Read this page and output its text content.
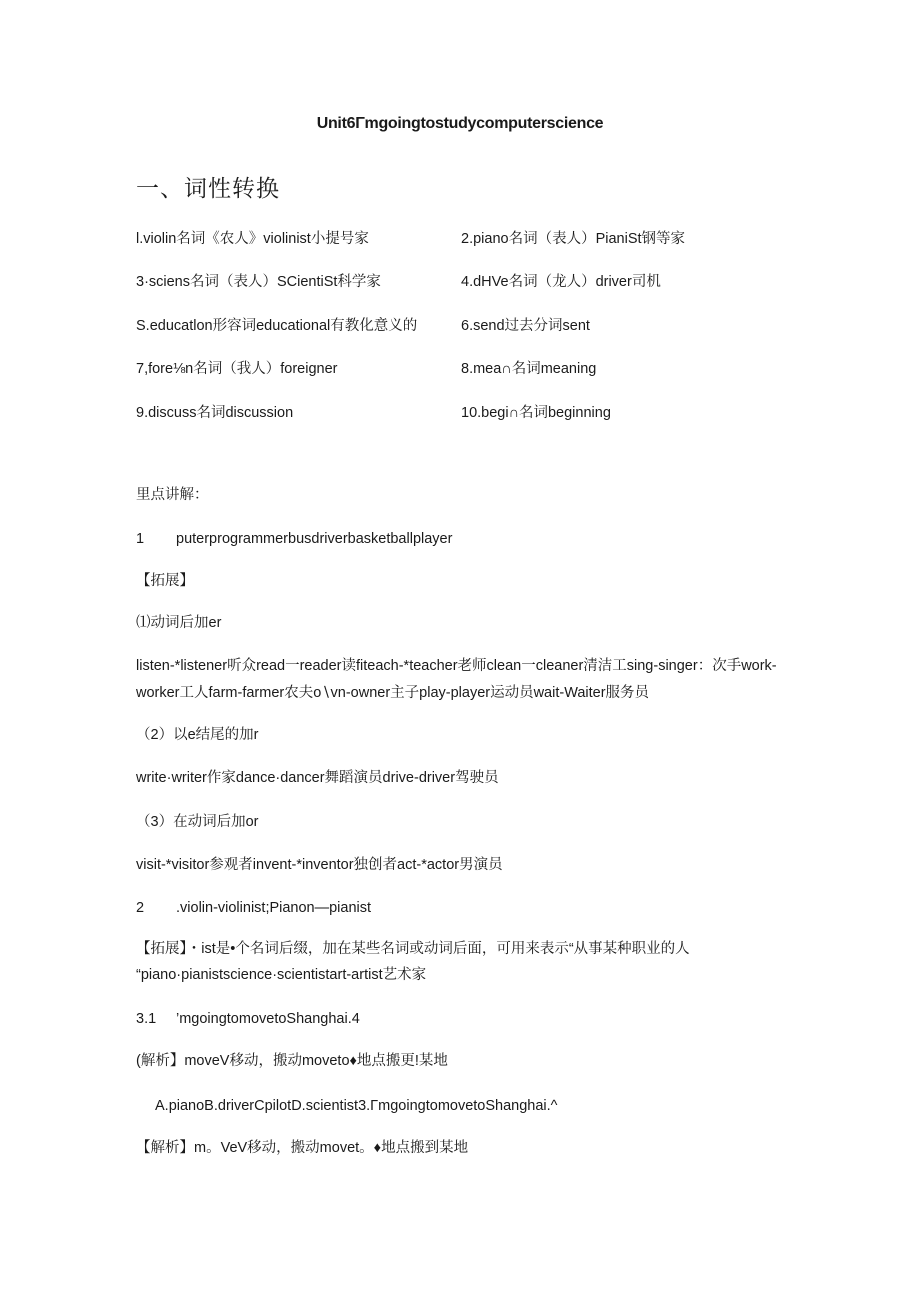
Unit6Γmgoingtostudycomputerscience
一、词性转换
l.violin名词《农人》violinist小提号家	2.piano名词（表人）PianiSt钢等家
3·sciens名词（表人）SCientiSt科学家	4.dHVe名词（龙人）driver司机
S.educatlon形容词educational有教化意义的	6.send过去分词sent
7,fore⅛n名词（我人）foreigner	8.mea∩名词meaning
9.discuss名词discussion	10.begi∩名词beginning
里点讲解：
1 puterprogrammerbusdriverbasketballplayer
【拓展】
⑴动词后加er
listen-*listener听众read一reader读fiteach-*teacher老师clean一cleaner清洁工sing-singer：次手work-
worker工人farm-farmer农夫o∖vn-owner主子play-player运动员wait-Waiter服务员
（2）以e结尾的加r
write·writer作家dance·dancer舞蹈演员drive-driver驾驶员
（3）在动词后加or
visit-*visitor参观者invent-*inventor独创者act-*actor男演员
2 .violin-violinist;Pianon—pianist
【拓展】・ist是•个名词后缀，加在某些名词或动词后面，可用来表示“从事某种职业的人
“piano·pianistscience·scientistart-artist艺术家
3.1 ’mgoingtomovetoShanghai.4
(解析】moveV移动，搬动moveto♦地点搬更!某地
A.pianoB.driverCpilotD.scientist3.Γmgoingtomovet​oShanghai.^
【解析】m。VeV移动，搬动movet。♦地点搬到某地
